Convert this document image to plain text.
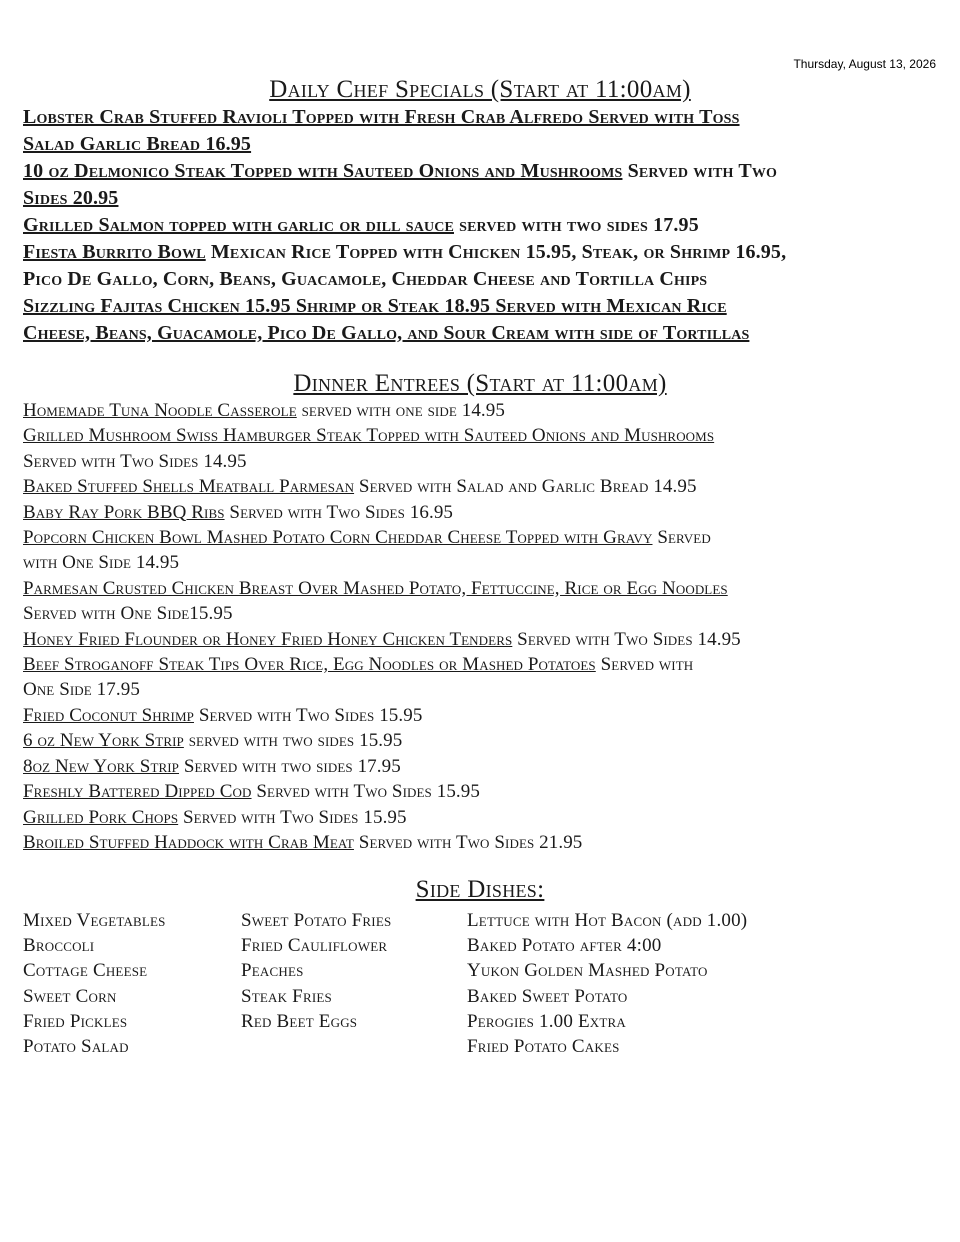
Thursday, August 13, 2026
Daily Chef Specials (Start at 11:00am)
Lobster Crab Stuffed Ravioli Topped with Fresh Crab Alfredo Served with Toss
Salad Garlic Bread 16.95
10 oz Delmonico Steak Topped with Sauteed Onions and Mushrooms Served with Two
Sides 20.95
Grilled Salmon topped with garlic or dill sauce served with two sides 17.95
Fiesta Burrito Bowl Mexican Rice Topped with Chicken 15.95, Steak, or Shrimp 16.95,
Pico De Gallo, Corn, Beans, Guacamole, Cheddar Cheese and Tortilla Chips
Sizzling Fajitas Chicken 15.95 Shrimp or Steak 18.95 Served with Mexican Rice
Cheese, Beans, Guacamole, Pico De Gallo, and Sour Cream with side of Tortillas
Dinner Entrees (Start at 11:00am)
Homemade Tuna Noodle Casserole served with one side 14.95
Grilled Mushroom Swiss Hamburger Steak Topped with Sauteed Onions and Mushrooms
Served with Two Sides 14.95
Baked Stuffed Shells Meatball Parmesan Served with Salad and Garlic Bread 14.95
Baby Ray Pork BBQ Ribs Served with Two Sides 16.95
Popcorn Chicken Bowl Mashed Potato Corn Cheddar Cheese Topped with Gravy Served
with One Side 14.95
Parmesan Crusted Chicken Breast Over Mashed Potato, Fettuccine, Rice or Egg Noodles
Served with One Side15.95
Honey Fried Flounder or Honey Fried Honey Chicken Tenders Served with Two Sides 14.95
Beef Stroganoff Steak Tips Over Rice, Egg Noodles or Mashed Potatoes Served with
One Side 17.95
Fried Coconut Shrimp Served with Two Sides 15.95
6 oz New York Strip served with two sides 15.95
8oz New York Strip Served with two sides 17.95
Freshly Battered Dipped Cod Served with Two Sides 15.95
Grilled Pork Chops Served with Two Sides 15.95
Broiled Stuffed Haddock with Crab Meat Served with Two Sides 21.95
Side Dishes:
Mixed Vegetables
Broccoli
Cottage Cheese
Sweet Corn
Fried Pickles
Potato Salad
Sweet Potato Fries
Fried Cauliflower
Peaches
Steak Fries
Red Beet Eggs
Lettuce with Hot Bacon (add 1.00)
Baked Potato after 4:00
Yukon Golden Mashed Potato
Baked Sweet Potato
Perogies 1.00 Extra
Fried Potato Cakes
